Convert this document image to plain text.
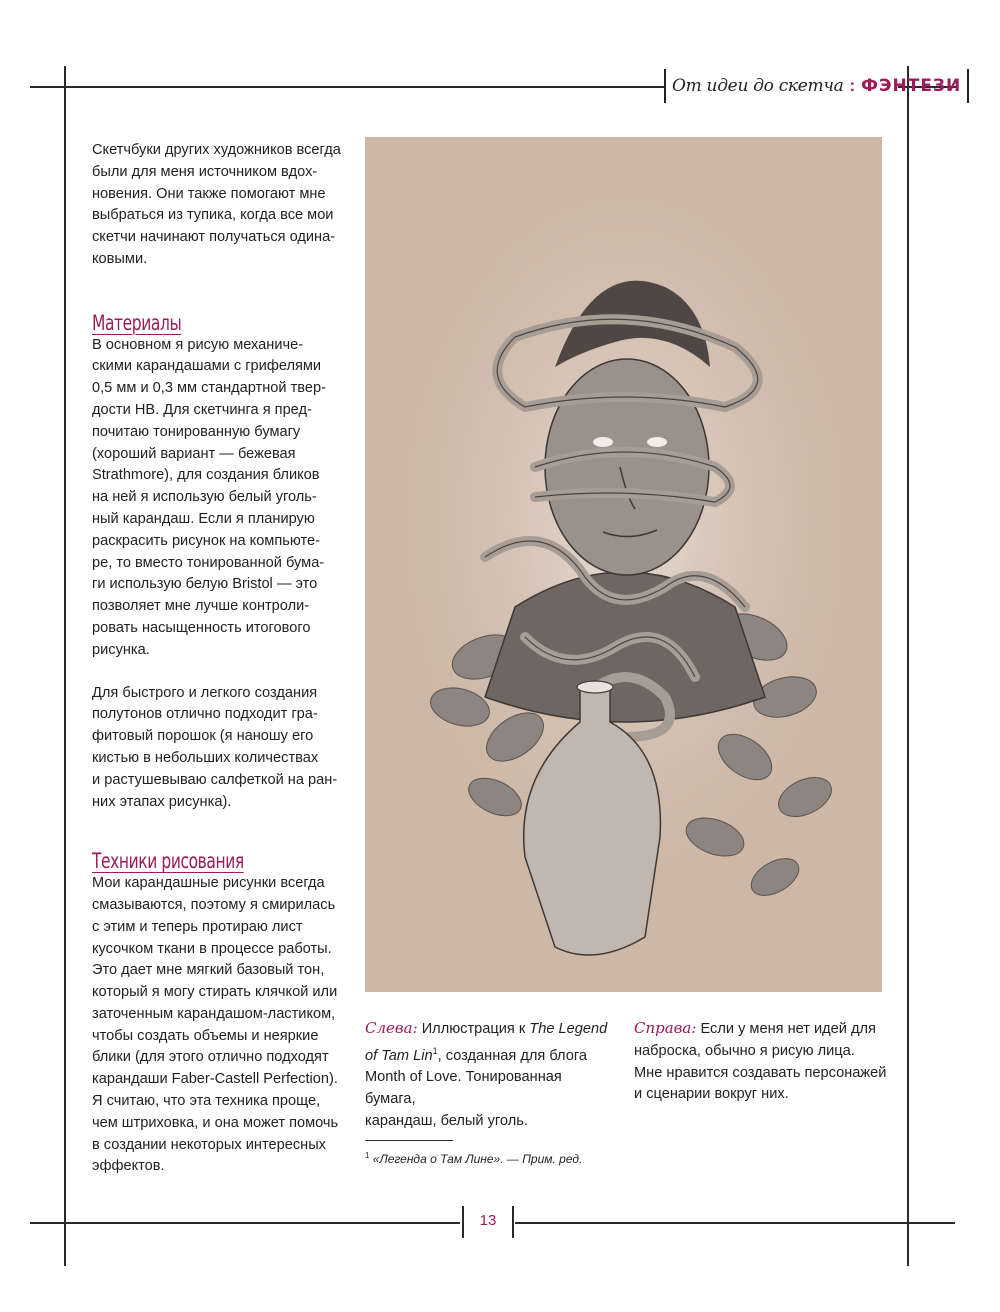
От идеи до скетча : ФЭНТЕЗИ

Скетчбуки других художников всегда
были для меня источником вдох-
новения. Они также помогают мне
выбраться из тупика, когда все мои
скетчи начинают получаться одина-
ковыми.

Материалы

В основном я рисую механиче-
скими карандашами с грифелями
0,5 мм и 0,3 мм стандартной твер-
дости HB. Для скетчинга я пред-
почитаю тонированную бумагу
(хороший вариант — бежевая
Strathmore), для создания бликов
на ней я использую белый уголь-
ный карандаш. Если я планирую
раскрасить рисунок на компьюте-
ре, то вместо тонированной бума-
ги использую белую Bristol — это
позволяет мне лучше контроли-
ровать насыщенность итогового
рисунка.

Для быстрого и легкого создания
полутонов отлично подходит гра-
фитовый порошок (я наношу его
кистью в небольших количествах
и растушевываю салфеткой на ран-
них этапах рисунка).

Техники рисования

Мои карандашные рисунки всегда
смазываются, поэтому я смирилась
с этим и теперь протираю лист
кусочком ткани в процессе работы.
Это дает мне мягкий базовый тон,
который я могу стирать клячкой или
заточенным карандашом-ластиком,
чтобы создать объемы и неяркие
блики (для этого отлично подходят
карандаши Faber-Castell Perfection).
Я считаю, что эта техника проще,
чем штриховка, и она может помочь
в создании некоторых интересных
эффектов.

Слева: Иллюстрация к The Legend
of Tam Lin$^1$, созданная для блога
Month of Love. Тонированная бумага,
карандаш, белый уголь.
Справа: Если у меня нет идей для
наброска, обычно я рисую лица.
Мне нравится создавать персонажей
и сценарии вокруг них.
$^1$ «Легенда о Там Лине». — Прим. ред.
13
